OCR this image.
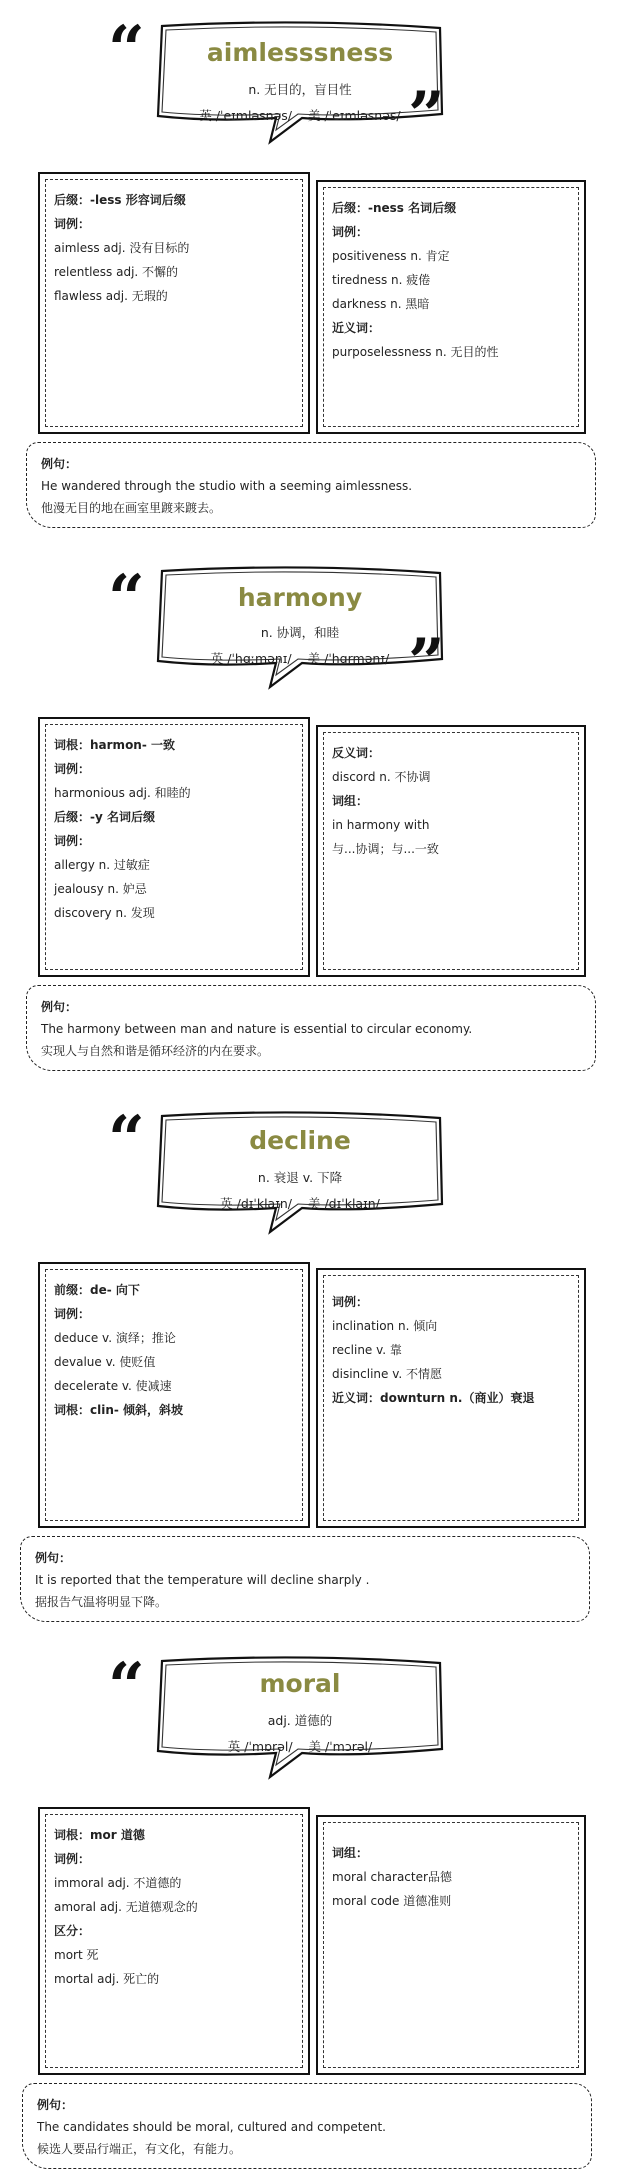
“
”
aimlesssness
n. 无目的，盲目性
英 /ˈeɪmləsnəs/ 美 /ˈeɪmləsnəs/
后缀：-less 形容词后缀
词例：
aimless adj. 没有目标的
relentless adj. 不懈的
flawless adj. 无瑕的
后缀：-ness 名词后缀
词例：
positiveness n. 肯定
tiredness n. 疲倦
darkness n. 黑暗
近义词：
purposelessness n. 无目的性
例句：
He wandered through the studio with a seeming aimlessness.
他漫无目的地在画室里踱来踱去。
“
”
harmony
n. 协调，和睦
英 /ˈhɑːmənɪ/ 美 /ˈhɑrmənɪ/
词根：harmon- 一致
词例：
harmonious adj. 和睦的
后缀：-y 名词后缀
词例：
allergy n. 过敏症
jealousy n. 妒忌
discovery n. 发现
反义词：
discord n. 不协调
词组：
in harmony with
与...协调；与...一致
例句：
The harmony between man and nature is essential to circular economy.
实现人与自然和谐是循环经济的内在要求。
“	decline
n. 衰退 v. 下降
英 /dɪˈklaɪn/ 美 /dɪˈklaɪn/
前缀：de- 向下
词例：
deduce v. 演绎；推论
devalue v. 使贬值
decelerate v. 使减速
词根：clin- 倾斜，斜坡
词例：
inclination n. 倾向
recline v. 靠
disincline v. 不情愿
近义词：downturn n.（商业）衰退
例句：
It is reported that the temperature will decline sharply .
据报告气温将明显下降。
“	moral
adj. 道德的
英 /ˈmɒrəl/ 美 /ˈmɔrəl/
词根：mor 道德
词例：
immoral adj. 不道德的
amoral adj. 无道德观念的
区分：
mort 死
mortal adj. 死亡的
词组：
moral character品德
moral code 道德准则
例句：
The candidates should be moral, cultured and competent.
候选人要品行端正，有文化，有能力。
